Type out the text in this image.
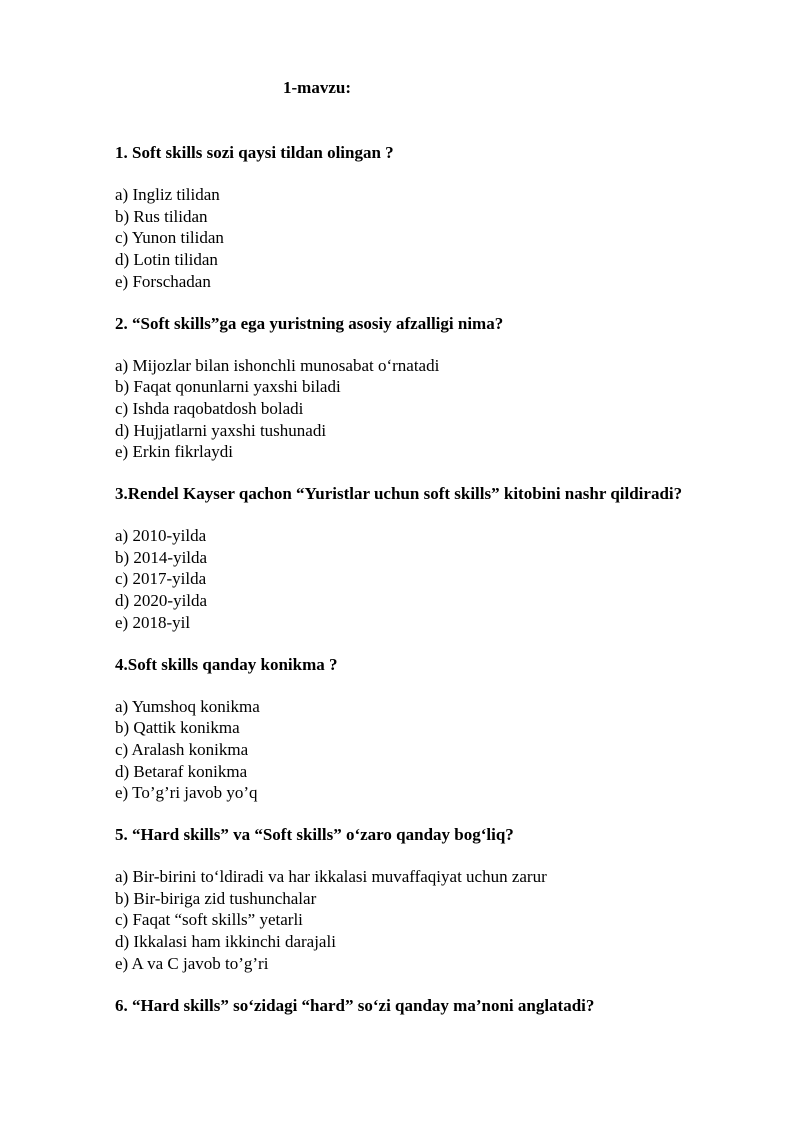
1-mavzu:

1. Soft skills sozi qaysi tildan olingan ?

a) Ingliz tilidan
b) Rus tilidan
c) Yunon tilidan
d) Lotin tilidan
e) Forschadan

2. “Soft skills”ga ega yuristning asosiy afzalligi nima?

a) Mijozlar bilan ishonchli munosabat o‘rnatadi
b) Faqat qonunlarni yaxshi biladi
c) Ishda raqobatdosh boladi
d) Hujjatlarni yaxshi tushunadi
e) Erkin fikrlaydi

3.Rendel Kayser qachon “Yuristlar uchun soft skills” kitobini nashr qildiradi?

a) 2010-yilda
b) 2014-yilda
c) 2017-yilda
d) 2020-yilda
e) 2018-yil

4.Soft skills qanday konikma ?

a) Yumshoq konikma
b) Qattik konikma
c) Aralash konikma
d) Betaraf konikma
e) To’g’ri javob yo’q

5. “Hard skills” va “Soft skills” o‘zaro qanday bog‘liq?

a) Bir-birini to‘ldiradi va har ikkalasi muvaffaqiyat uchun zarur
b) Bir-biriga zid tushunchalar
c) Faqat “soft skills” yetarli
d) Ikkalasi ham ikkinchi darajali
e) A va C javob to’g’ri

6. “Hard skills” so‘zidagi “hard” so‘zi qanday ma’noni anglatadi?
